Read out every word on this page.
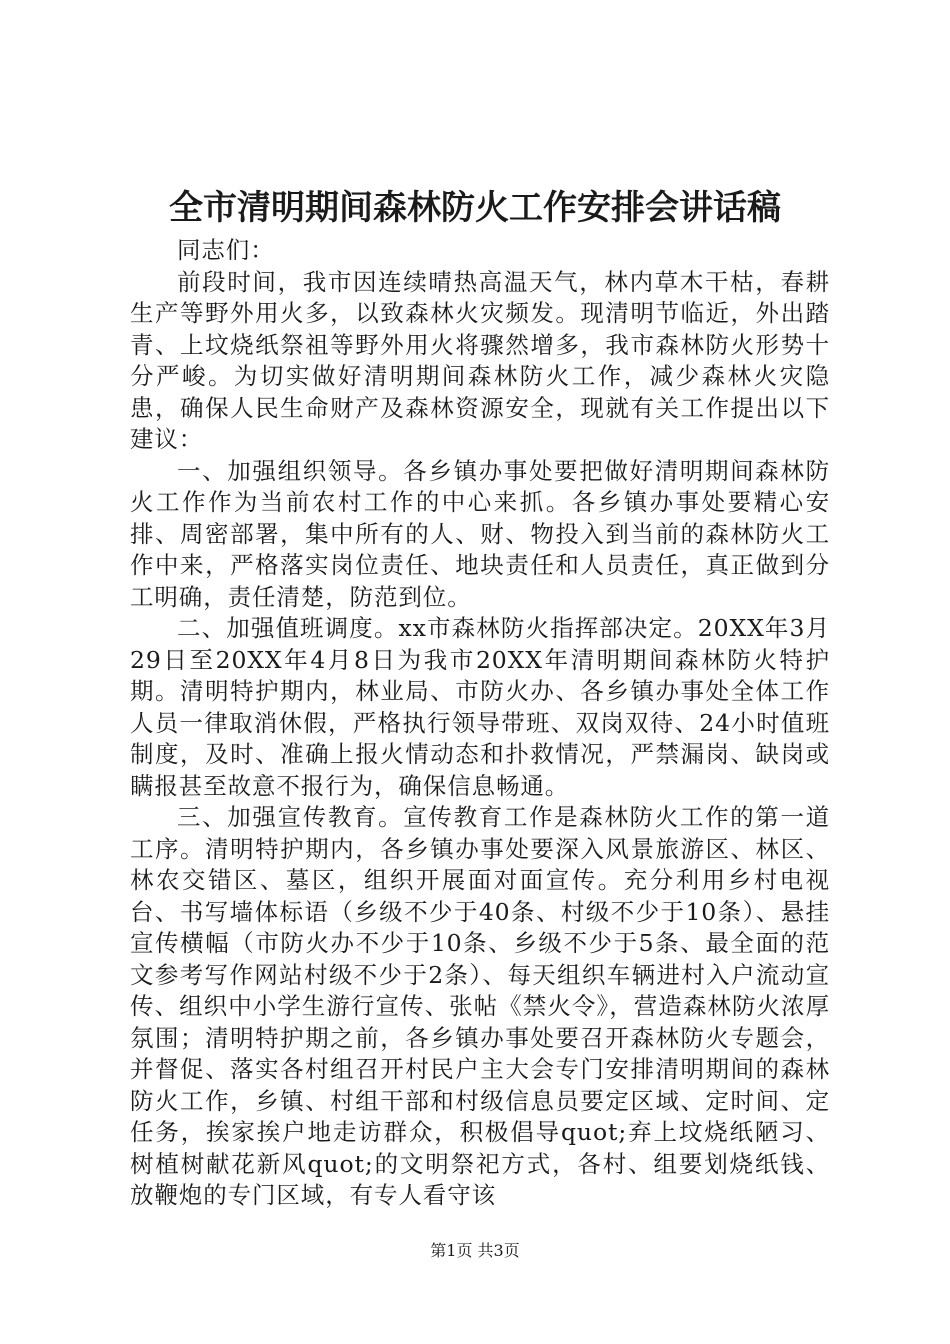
全市清明期间森林防火工作安排会讲话稿

同志们：

前段时间，我市因连续晴热高温天气，林内草木干枯，春耕生产等野外用火多，以致森林火灾频发。现清明节临近，外出踏青、上坟烧纸祭祖等野外用火将骤然增多，我市森林防火形势十分严峻。为切实做好清明期间森林防火工作，减少森林火灾隐患，确保人民生命财产及森林资源安全，现就有关工作提出以下建议：

一、加强组织领导。各乡镇办事处要把做好清明期间森林防火工作作为当前农村工作的中心来抓。各乡镇办事处要精心安排、周密部署，集中所有的人、财、物投入到当前的森林防火工作中来，严格落实岗位责任、地块责任和人员责任，真正做到分工明确，责任清楚，防范到位。

二、加强值班调度。xx市森林防火指挥部决定。20XX年3月29日至20XX年4月8日为我市20XX年清明期间森林防火特护期。清明特护期内，林业局、市防火办、各乡镇办事处全体工作人员一律取消休假，严格执行领导带班、双岗双待、24小时值班制度，及时、准确上报火情动态和扑救情况，严禁漏岗、缺岗或瞒报甚至故意不报行为，确保信息畅通。

三、加强宣传教育。宣传教育工作是森林防火工作的第一道工序。清明特护期内，各乡镇办事处要深入风景旅游区、林区、林农交错区、墓区，组织开展面对面宣传。充分利用乡村电视台、书写墙体标语（乡级不少于40条、村级不少于10条）、悬挂宣传横幅（市防火办不少于10条、乡级不少于5条、最全面的范文参考写作网站村级不少于2条）、每天组织车辆进村入户流动宣传、组织中小学生游行宣传、张帖《禁火令》，营造森林防火浓厚氛围；清明特护期之前，各乡镇办事处要召开森林防火专题会，并督促、落实各村组召开村民户主大会专门安排清明期间的森林防火工作，乡镇、村组干部和村级信息员要定区域、定时间、定任务，挨家挨户地走访群众，积极倡导quot;弃上坟烧纸陋习、树植树献花新风quot;的文明祭祀方式，各村、组要划烧纸钱、放鞭炮的专门区域，有专人看守该

第1页 共3页
